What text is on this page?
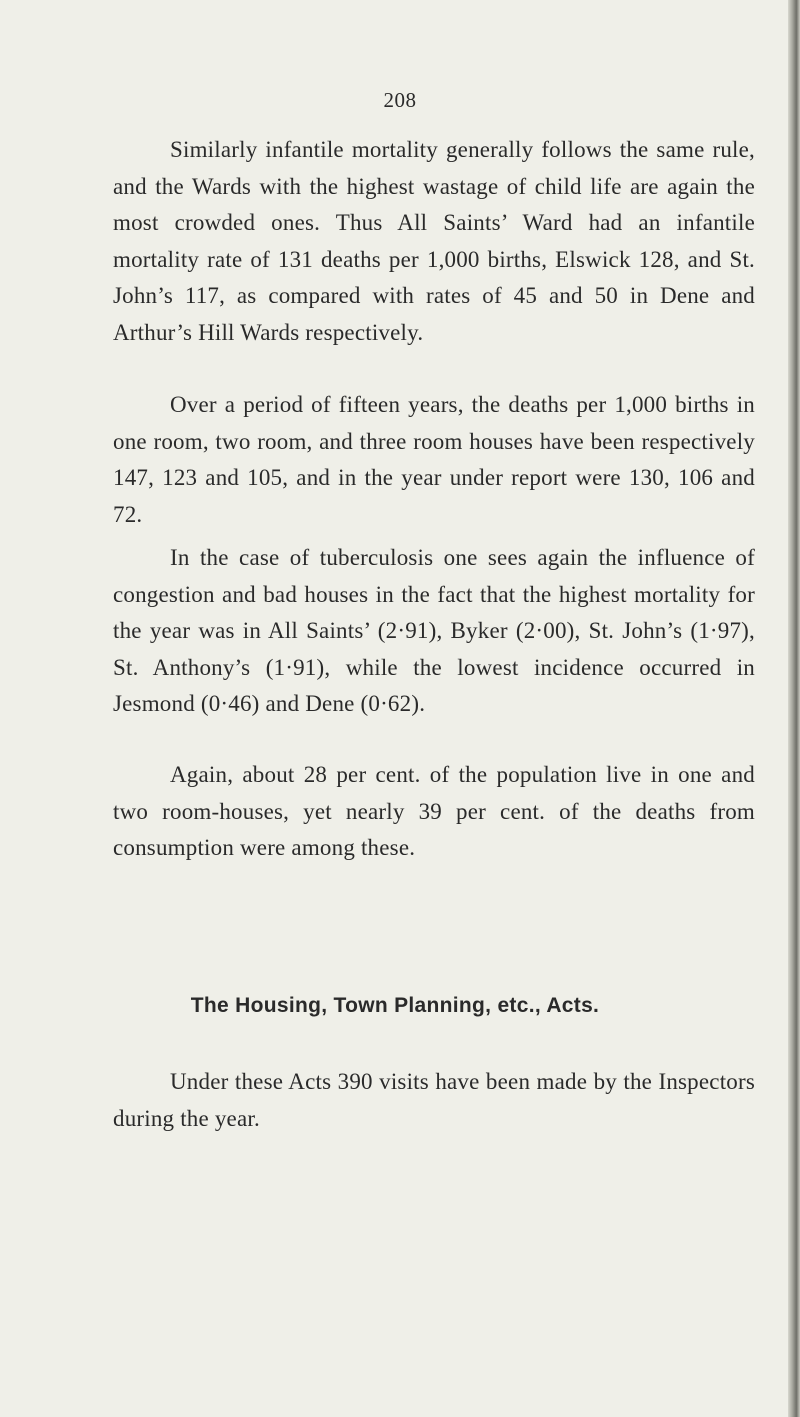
208

Similarly infantile mortality generally follows the same rule, and the Wards with the highest wastage of child life are again the most crowded ones. Thus All Saints’ Ward had an infantile mortality rate of 131 deaths per 1,000 births, Elswick 128, and St. John’s 117, as compared with rates of 45 and 50 in Dene and Arthur’s Hill Wards respectively.

Over a period of fifteen years, the deaths per 1,000 births in one room, two room, and three room houses have been respectively 147, 123 and 105, and in the year under report were 130, 106 and 72.

In the case of tuberculosis one sees again the influence of congestion and bad houses in the fact that the highest mortality for the year was in All Saints’ (2·91), Byker (2·00), St. John’s (1·97), St. Anthony’s (1·91), while the lowest incidence occurred in Jesmond (0·46) and Dene (0·62).

Again, about 28 per cent. of the population live in one and two room-houses, yet nearly 39 per cent. of the deaths from consumption were among these.

The Housing, Town Planning, etc., Acts.

Under these Acts 390 visits have been made by the Inspectors during the year.
